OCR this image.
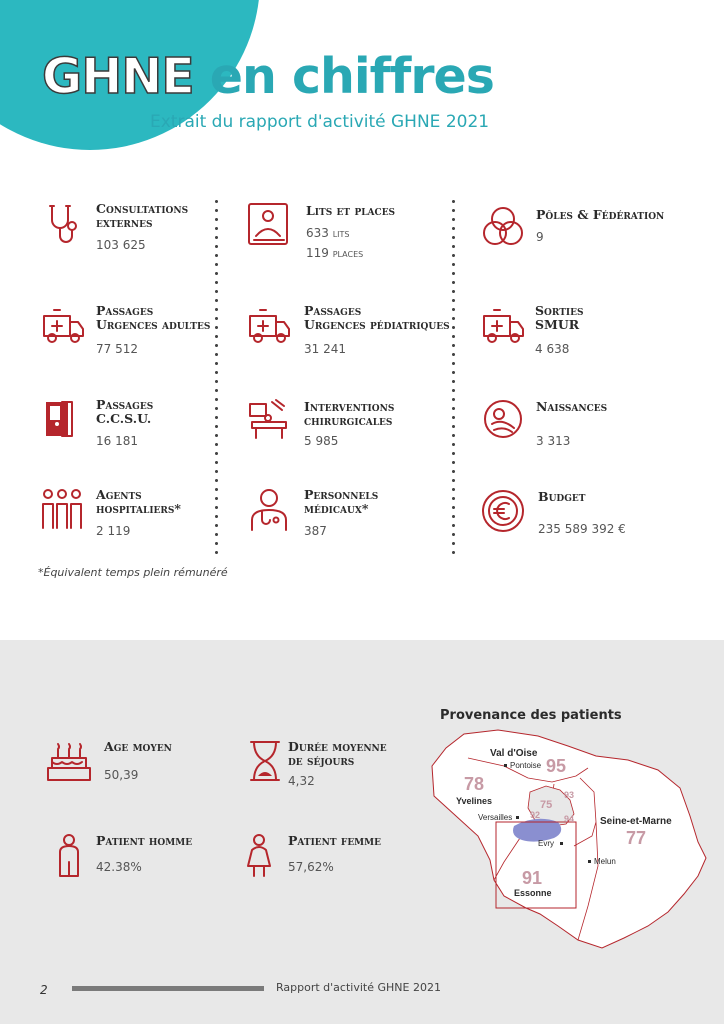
GHNE en chiffres
Extrait du rapport d'activité GHNE 2021
Consultations
externes
103 625
Lits et places
633 lits
119 places
Pôles & Fédération
9
Passages
Urgences adultes
77 512
Passages
Urgences pédiatriques
31 241
Sorties
SMUR
4 638
Passages
C.C.S.U.
16 181
Interventions
chirurgicales
5 985
Naissances
3 313
Agents
hospitaliers*
2 119
Personnels
médicaux*
387
Budget
235 589 392 €
*Équivalent temps plein rémunéré
Age moyen
50,39
Durée moyenne
de séjours
4,32
Patient homme
42.38%
Patient femme
57,62%
Provenance des patients
Val d'Oise
Pontoise 95
78
Yvelines
Versailles
93
75
92	94	Seine-et-Marne
77
Evry
Melun
91
Essonne
2	Rapport d'activité GHNE 2021
